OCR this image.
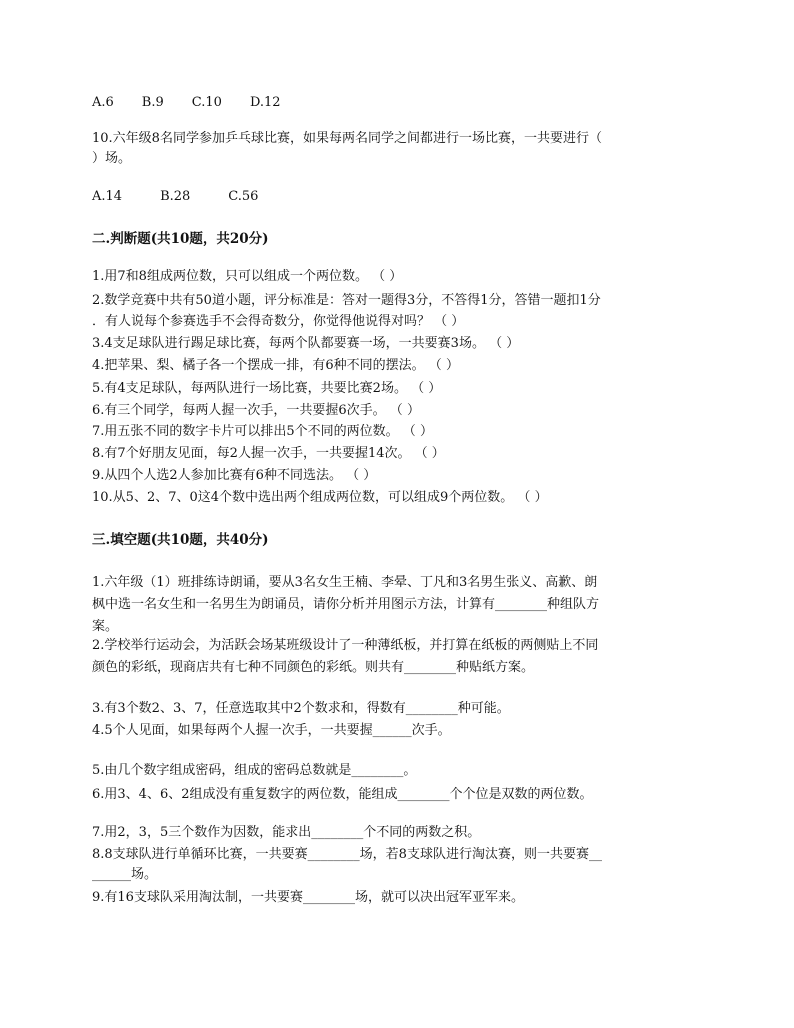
A.6 B.9 C.10 D.12
10.六年级8名同学参加乒乓球比赛，如果每两名同学之间都进行一场比赛，一共要进行（
）场。
A.14	B.28	C.56
二.判断题(共10题，共20分)
1.用7和8组成两位数，只可以组成一个两位数。 （ ）
2.数学竞赛中共有50道小题，评分标准是：答对一题得3分，不答得1分，答错一题扣1分
．有人说每个参赛选手不会得奇数分，你觉得他说得对吗？ （ ）
3.4支足球队进行踢足球比赛，每两个队都要赛一场，一共要赛3场。 （ ）
4.把苹果、梨、橘子各一个摆成一排，有6种不同的摆法。 （ ）
5.有4支足球队，每两队进行一场比赛，共要比赛2场。 （ ）
6.有三个同学，每两人握一次手，一共要握6次手。 （ ）
7.用五张不同的数字卡片可以排出5个不同的两位数。 （ ）
8.有7个好朋友见面，每2人握一次手，一共要握14次。 （ ）
9.从四个人选2人参加比赛有6种不同选法。 （ ）
10.从5、2、7、0这4个数中选出两个组成两位数，可以组成9个两位数。 （ ）
三.填空题(共10题，共40分)
1.六年级（1）班排练诗朗诵，要从3名女生王楠、李晕、丁凡和3名男生张义、高歉、朗
枫中选一名女生和一名男生为朗诵员，请你分析并用图示方法，计算有________种组队方
案。
2.学校举行运动会，为活跃会场某班级设计了一种薄纸板，并打算在纸板的两侧贴上不同
颜色的彩纸，现商店共有七种不同颜色的彩纸。则共有________种贴纸方案。
3.有3个数2、3、7，任意选取其中2个数求和，得数有________种可能。
4.5个人见面，如果每两个人握一次手，一共要握______次手。
5.由几个数字组成密码，组成的密码总数就是________。
6.用3、4、6、2组成没有重复数字的两位数，能组成________个个位是双数的两位数。
7.用2，3，5三个数作为因数，能求出________个不同的两数之积。
8.8支球队进行单循环比赛，一共要赛________场，若8支球队进行淘汰赛，则一共要赛__
______场。
9.有16支球队采用淘汰制，一共要赛________场，就可以决出冠军亚军来。
